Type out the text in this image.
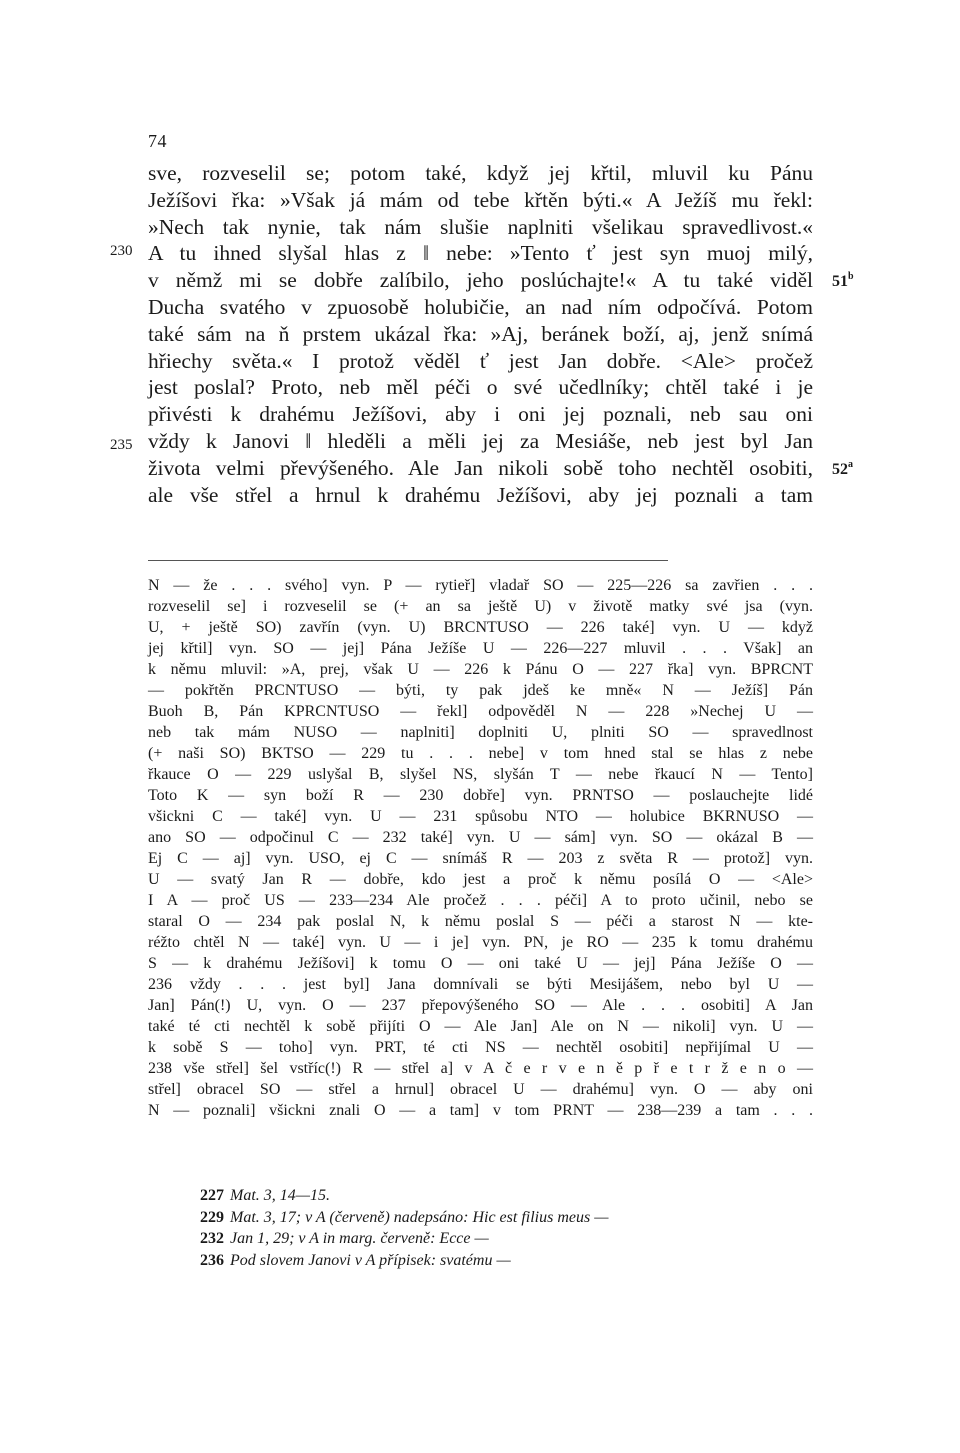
74
sve, rozveselil se; potom také, když jej křtil, mluvil ku Pánu
Ježíšovi řka: »Však já mám od tebe křtěn býti.« A Ježíš mu řekl:
»Nech tak nynie, tak nám slušie naplniti všelikau spravedlivost.«
A tu ihned slyšal hlas z ‖ nebe: »Tento ť jest syn muoj milý,
v němž mi se dobře zalíbilo, jeho poslúchajte!« A tu také viděl
Ducha svatého v zpuosobě holubičie, an nad ním odpočívá. Potom
také sám na ň prstem ukázal řka: »Aj, beránek boží, aj, jenž snímá
hřiechy světa.« I protož věděl ť jest Jan dobře. <Ale> pročež
jest poslal? Proto, neb měl péči o své učedlníky; chtěl také i je
přivésti k drahému Ježíšovi, aby i oni jej poznali, neb sau oni
vždy k Janovi ‖ hleděli a měli jej za Mesiáše, neb jest byl Jan
života velmi převýšeného. Ale Jan nikoli sobě toho nechtěl osobiti,
ale vše střel a hrnul k drahému Ježíšovi, aby jej poznali a tam
230
235
51$^b$
52$^a$
N — že . . . svého] vyn. P — rytieř] vladař SO — 225—226 sa zavřien . . .
rozveselil se] i rozveselil se (+ an sa ještě U) v životě matky své jsa (vyn.
U, + ještě SO) zavřín (vyn. U) BRCNTUSO — 226 také] vyn. U — když
jej křtil] vyn. SO — jej] Pána Ježíše U — 226—227 mluvil . . . Však] an
k němu mluvil: »A, prej, však U — 226 k Pánu O — 227 řka] vyn. BPRCNT
— pokřtěn PRCNTUSO — býti, ty pak jdeš ke mně« N — Ježíš] Pán
Buoh B, Pán KPRCNTUSO — řekl] odpověděl N — 228 »Nechej U —
neb tak mám NUSO — naplniti] doplniti U, plniti SO — spravedlnost
(+ naši SO) BKTSO — 229 tu . . . nebe] v tom hned stal se hlas z nebe
řkauce O — 229 uslyšal B, slyšel NS, slyšán T — nebe řkaucí N — Tento]
Toto K — syn boží R — 230 dobře] vyn. PRNTSO — poslauchejte lidé
všickni C — také] vyn. U — 231 spůsobu NTO — holubice BKRNUSO —
ano SO — odpočinul C — 232 také] vyn. U — sám] vyn. SO — okázal B —
Ej C — aj] vyn. USO, ej C — snímáš R — 203 z světa R — protož] vyn.
U — svatý Jan R — dobře, kdo jest a proč k němu posílá O — <Ale>
I A — proč US — 233—234 Ale pročež . . . péči] A to proto učinil, nebo se
staral O — 234 pak poslal N, k němu poslal S — péči a starost N — kte-
réžto chtěl N — také] vyn. U — i je] vyn. PN, je RO — 235 k tomu drahému
S — k drahému Ježíšovi] k tomu O — oni také U — jej] Pána Ježíše O —
236 vždy . . . jest byl] Jana domnívali se býti Mesijášem, nebo byl U —
Jan] Pán(!) U, vyn. O — 237 přepovýšeného SO — Ale . . . osobiti] A Jan
také té cti nechtěl k sobě přijíti O — Ale Jan] Ale on N — nikoli] vyn. U —
k sobě S — toho] vyn. PRT, té cti NS — nechtěl osobiti] nepřijímal U —
238 vše střel] šel vstříc(!) R — střel a] v A č e r v e n ě p ř e t r ž e n o —
střel] obracel SO — střel a hrnul] obracel U — drahému] vyn. O — aby oni
N — poznali] všickni znali O — a tam] v tom PRNT — 238—239 a tam . . .
227 Mat. 3, 14—15.
229 Mat. 3, 17; v A (červeně) nadepsáno: Hic est filius meus —
232 Jan 1, 29; v A in marg. červeně: Ecce —
236 Pod slovem Janovi v A přípisek: svatému —
